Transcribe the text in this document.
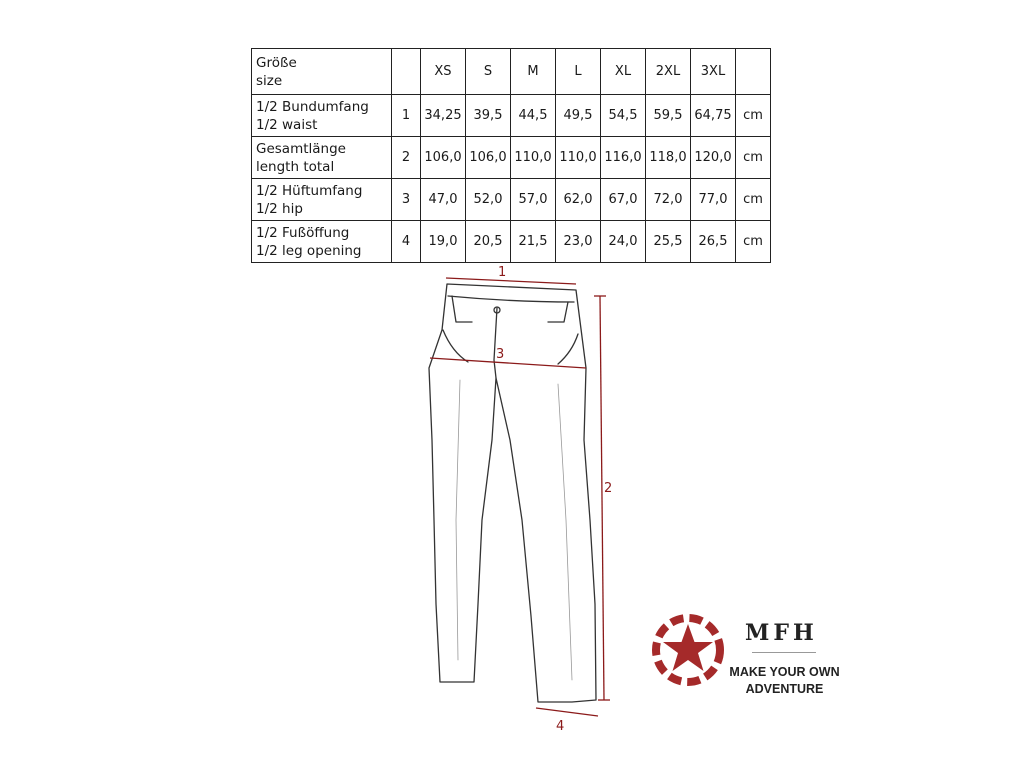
Größe
size		XS	S	M	L	XL	2XL	3XL	
1/2 Bundumfang
1/2 waist	1	34,25	39,5	44,5	49,5	54,5	59,5	64,75	cm
Gesamtlänge
length total	2	106,0	106,0	110,0	110,0	116,0	118,0	120,0	cm
1/2 Hüftumfang
1/2 hip	3	47,0	52,0	57,0	62,0	67,0	72,0	77,0	cm
1/2 Fußöffung
1/2 leg opening	4	19,0	20,5	21,5	23,0	24,0	25,5	26,5	cm
1
3
2
4
MFH
MAKE YOUR OWN
ADVENTURE
